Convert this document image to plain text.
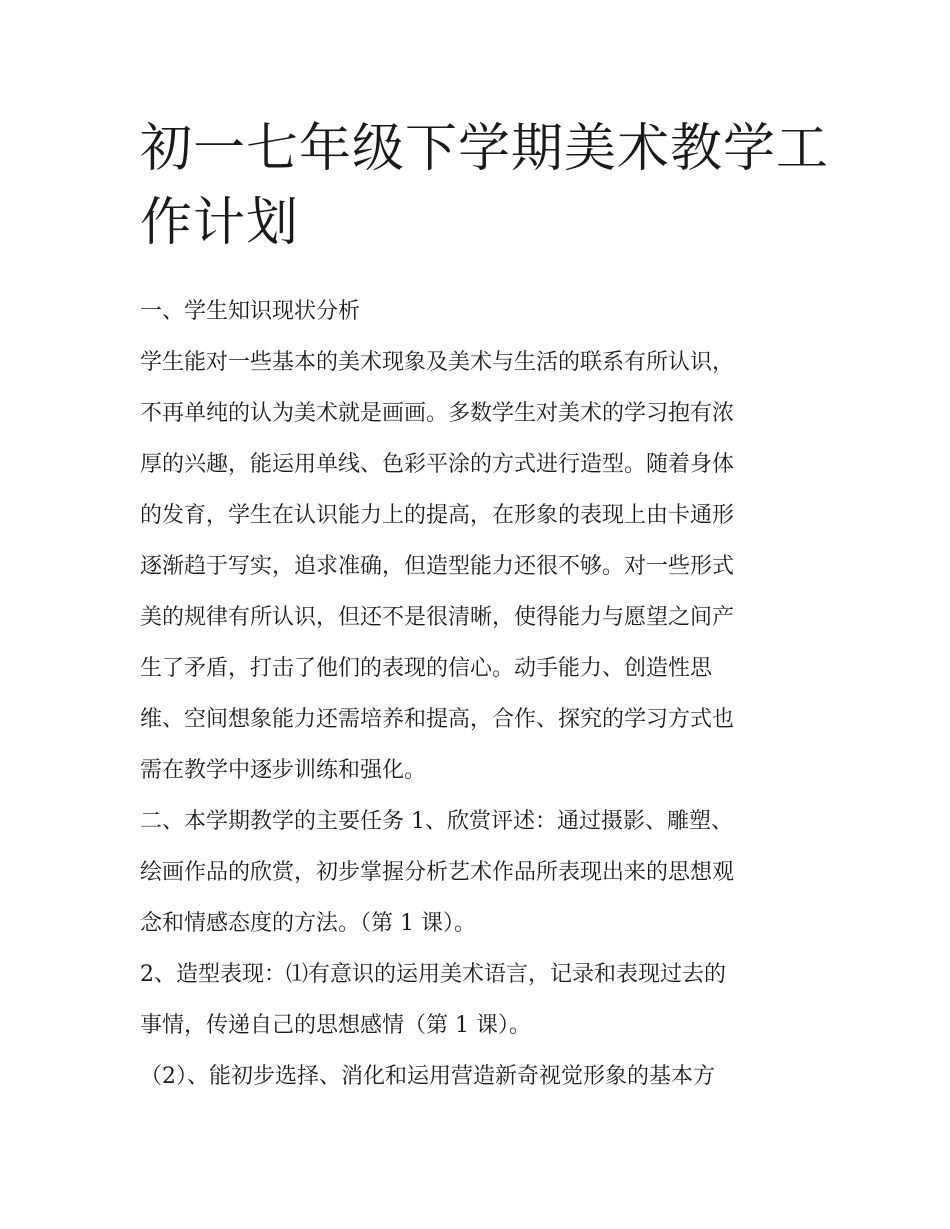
初一七年级下学期美术教学工
作计划

一、学生知识现状分析

学生能对一些基本的美术现象及美术与生活的联系有所认识，
不再单纯的认为美术就是画画。多数学生对美术的学习抱有浓
厚的兴趣，能运用单线、色彩平涂的方式进行造型。随着身体
的发育，学生在认识能力上的提高，在形象的表现上由卡通形
逐渐趋于写实，追求准确，但造型能力还很不够。对一些形式
美的规律有所认识，但还不是很清晰，使得能力与愿望之间产
生了矛盾，打击了他们的表现的信心。动手能力、创造性思
维、空间想象能力还需培养和提高，合作、探究的学习方式也
需在教学中逐步训练和强化。

二、本学期教学的主要任务 1、欣赏评述：通过摄影、雕塑、
绘画作品的欣赏，初步掌握分析艺术作品所表现出来的思想观
念和情感态度的方法。（第 1 课）。

2、造型表现：⑴有意识的运用美术语言，记录和表现过去的
事情，传递自己的思想感情（第 1 课）。

（2）、能初步选择、消化和运用营造新奇视觉形象的基本方
